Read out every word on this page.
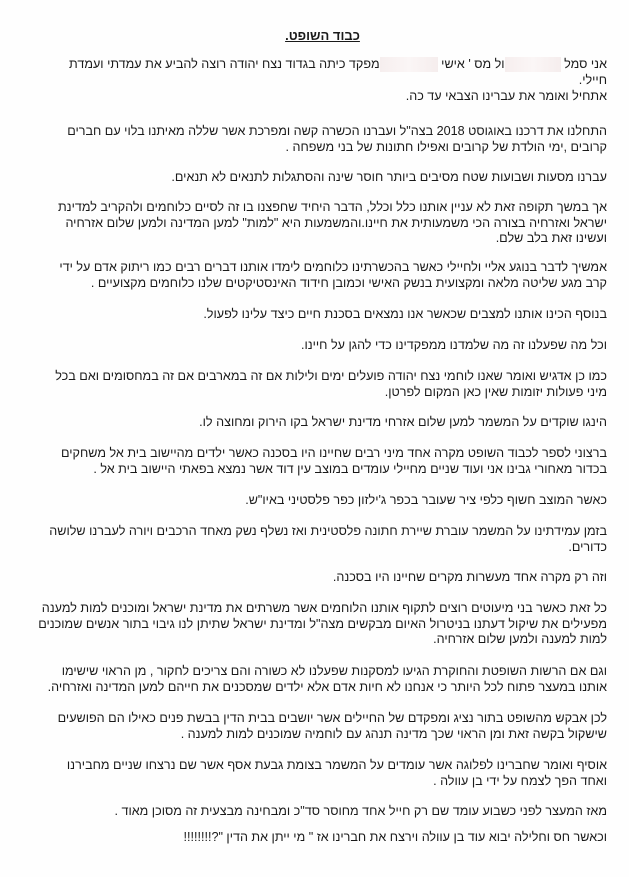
כבוד השופט.

אני סמל ול מס ' אישי מפקד כיתה בגדוד נצח יהודה רוצה להביע את עמדתי ועמדת חיילי.

אתחיל ואומר את עברינו הצבאי עד כה.

התחלנו את דרכנו באוגוסט 2018 בצה"ל ועברנו הכשרה קשה ומפרכת אשר שללה מאיתנו בלוי עם חברים קרובים ,ימי הולדת של קרובים ואפילו חתונות של בני משפחה .

עברנו מסעות ושבועות שטח מסיבים ביותר חוסר שינה והסתגלות לתנאים לא תנאים.

אך במשך תקופה זאת לא עניין אותנו כלל וכלל, הדבר היחיד שחפצנו בו זה לסיים כלוחמים ולהקריב למדינת ישראל ואזרחיה בצורה הכי משמעותית את חיינו.והמשמעות היא "למות" למען המדינה ולמען שלום אזרחיה ועשינו זאת בלב שלם.

אמשיך לדבר בנוגע אליי ולחיילי כאשר בהכשרתינו כלוחמים לימדו אותנו דברים רבים כמו ריתוק אדם על ידי קרב מגע שליטה מלאה ומקצועית בנשק האישי וכמובן חידוד האינסטיקטים שלנו כלוחמים מקצועיים .

בנוסף הכינו אותנו למצבים שכאשר אנו נמצאים בסכנת חיים כיצד עלינו לפעול.

וכל מה שפעלנו זה מה שלמדנו ממפקדינו כדי להגן על חיינו.

כמו כן אדגיש ואומר שאנו לוחמי נצח יהודה פועלים ימים ולילות אם זה במארבים אם זה במחסומים ואם בכל מיני פעולות יזומות שאין כאן המקום לפרטן.

הינגו שוקדים על המשמר למען שלום אזרחי מדינת ישראל בקו הירוק ומחוצה לו.

ברצוני לספר לכבוד השופט מקרה אחד מיני רבים שחיינו היו בסכנה כאשר ילדים מהיישוב בית אל משחקים בכדור מאחורי גבינו אני ועוד שניים מחיילי עומדים במוצב עין דוד אשר נמצא בפאתי היישוב בית אל .

כאשר המוצב חשוף כלפי ציר שעובר בכפר ג'ילזון כפר פלסטיני באיו"ש.

בזמן עמידתינו על המשמר עוברת שיירת חתונה פלסטינית ואז נשלף נשק מאחד הרכבים ויורה לעברנו שלושה כדורים.

וזה רק מקרה אחד מעשרות מקרים שחיינו היו בסכנה.

כל זאת כאשר בני מיעוטים רוצים לתקוף אותנו הלוחמים אשר משרתים את מדינת ישראל ומוכנים למות למענה מפעילים את שיקול דעתנו בניטרול האיום מבקשים מצה"ל ומדינת ישראל שתיתן לנו גיבוי בתור אנשים שמוכנים למות למענה ולמען שלום אזרחיה.

וגם אם הרשות השופטת והחוקרת הגיעו למסקנות שפעלנו לא כשורה והם צריכים לחקור , מן הראוי שישימו אותנו במעצר פתוח לכל היותר כי אנחנו לא חיות אדם אלא ילדים שמסכנים את חייהם למען המדינה ואזרחיה.

לכן אבקש מהשופט בתור נציג ומפקדם של החיילים אשר יושבים בבית הדין בבשת פנים כאילו הם הפושעים שישקול בקשה זאת ומן הראוי שכך מדינה תנהג עם לוחמיה שמוכנים למות למענה .

אוסיף ואומר שחברינו לפלוגה אשר עומדים על המשמר בצומת גבעת אסף אשר שם נרצחו שניים מחבירנו ואחד הפך לצמח על ידי בן עוולה .

מאז המעצר לפני כשבוע עומד שם רק חייל אחד מחוסר סד"כ ומבחינה מבצעית זה מסוכן מאוד .

וכאשר חס וחלילה יבוא עוד בן עוולה וירצח את חברינו אז " מי ייתן את הדין "?!!!!!!!!
